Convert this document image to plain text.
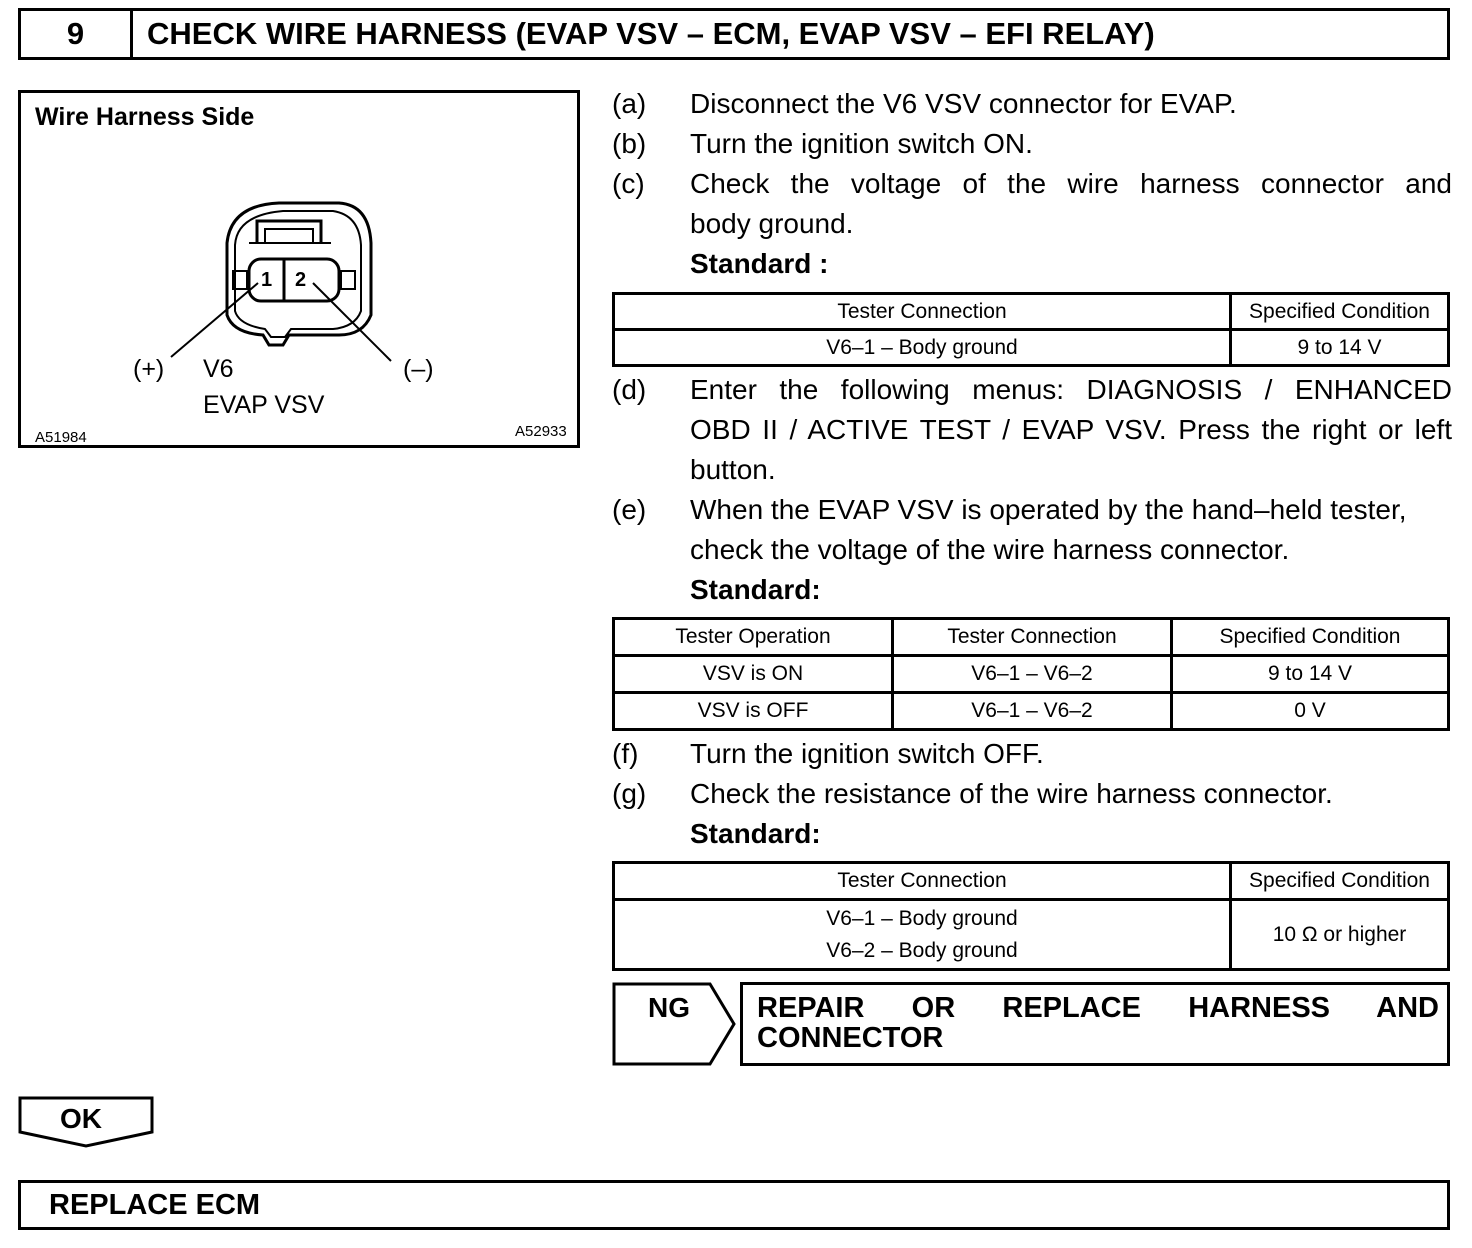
9	CHECK WIRE HARNESS (EVAP VSV – ECM, EVAP VSV – EFI RELAY)
1 2
Wire Harness Side
(+)	(–)
V6
EVAP VSV
A51984	A52933
(a) Disconnect the V6 VSV connector for EVAP.
(b) Turn the ignition switch ON.
(c) Check the voltage of the wire harness connector and
body ground.
Standard :
Tester Connection	Specified Condition
V6–1 – Body ground	9 to 14 V
(d) Enter the following menus: DIAGNOSIS / ENHANCED
OBD II / ACTIVE TEST / EVAP VSV. Press the right or left
button.
(e) When the EVAP VSV is operated by the hand–held tester,
check the voltage of the wire harness connector.
Standard:
Tester Operation	Tester Connection	Specified Condition
VSV is ON	V6–1 – V6–2	9 to 14 V
VSV is OFF	V6–1 – V6–2	0 V
(f) Turn the ignition switch OFF.
(g) Check the resistance of the wire harness connector.
Standard:
Tester Connection	Specified Condition

V6–1 – Body ground
V6–2 – Body ground	10 Ω or higher
NG REPAIR OR REPLACE HARNESS AND CONNECTOR
OK
REPLACE ECM
